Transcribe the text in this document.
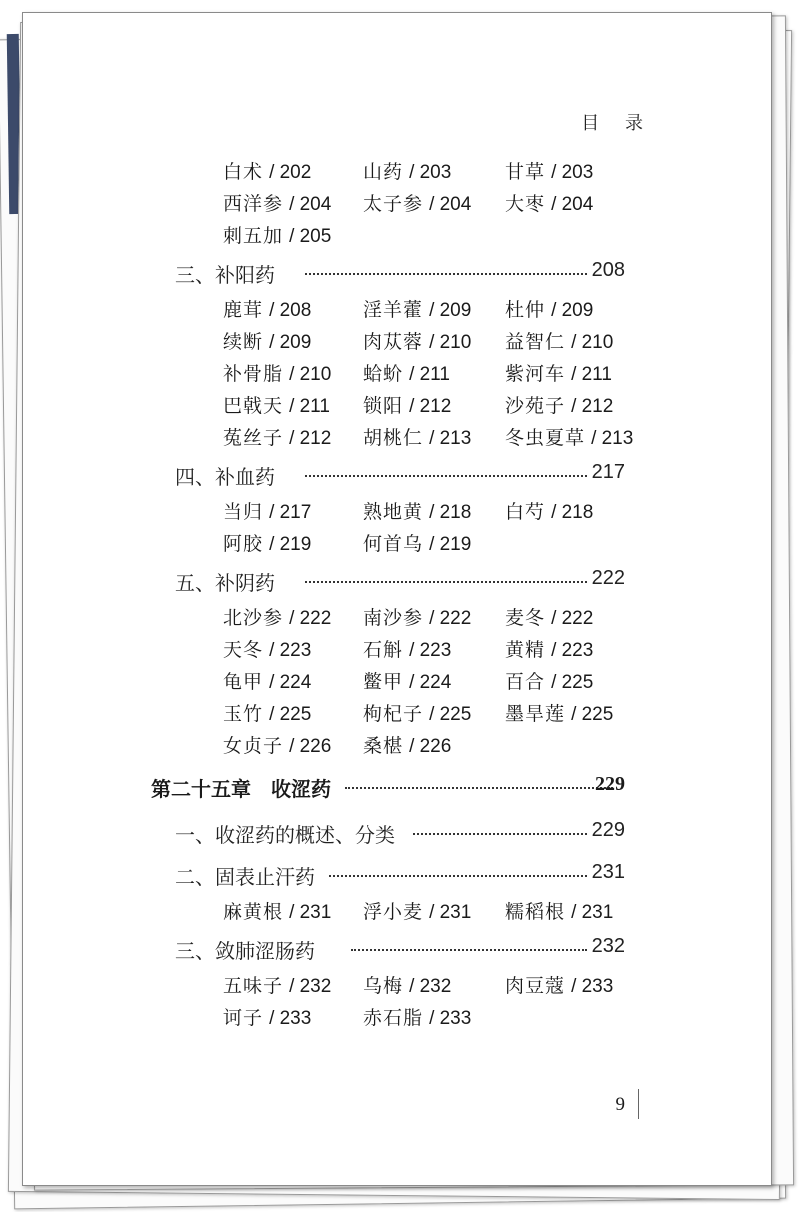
目 录
白术 / 202	山药 / 203	甘草 / 203
西洋参 / 204 太子参 / 204 大枣 / 204
刺五加 / 205
三、补阳药	208
鹿茸 / 208	淫羊藿 / 209 杜仲 / 209
续断 / 209	肉苁蓉 / 210 益智仁 / 210
补骨脂 / 210 蛤蚧 / 211	紫河车 / 211
巴戟天 / 211 锁阳 / 212	沙苑子 / 212
菟丝子 / 212 胡桃仁 / 213 冬虫夏草 / 213
四、补血药	217
当归 / 217	熟地黄 / 218 白芍 / 218
阿胶 / 219	何首乌 / 219
五、补阴药	222
北沙参 / 222 南沙参 / 222 麦冬 / 222
天冬 / 223	石斛 / 223	黄精 / 223
龟甲 / 224	鳖甲 / 224	百合 / 225
玉竹 / 225	枸杞子 / 225 墨旱莲 / 225
女贞子 / 226 桑椹 / 226
第二十五章　收涩药	229
一、收涩药的概述、分类	229
二、固表止汗药	231
麻黄根 / 231 浮小麦 / 231 糯稻根 / 231
三、敛肺涩肠药	232
五味子 / 232 乌梅 / 232	肉豆蔻 / 233
诃子 / 233	赤石脂 / 233
9
